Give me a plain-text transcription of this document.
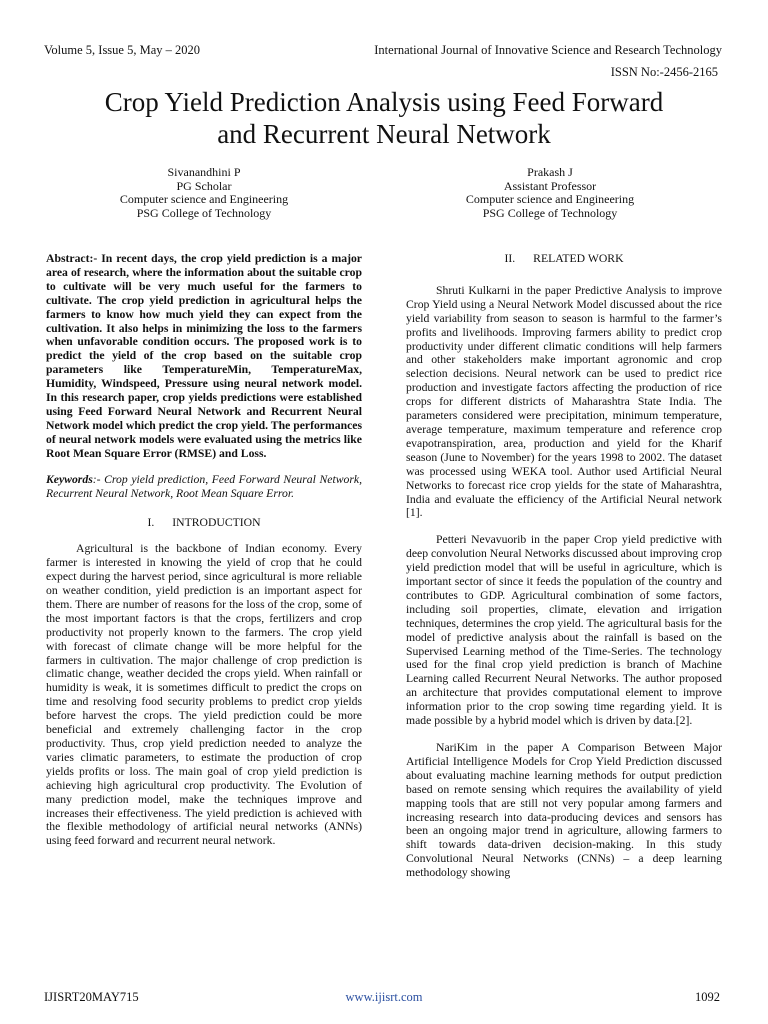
Volume 5, Issue 5, May – 2020	International Journal of Innovative Science and Research Technology
ISSN No:-2456-2165
Crop Yield Prediction Analysis using Feed Forward
and Recurrent Neural Network
Sivanandhini P
PG Scholar
Computer science and Engineering
PSG College of Technology
Prakash J
Assistant Professor
Computer science and Engineering
PSG College of Technology

Abstract:- In recent days, the crop yield prediction is a major area of research, where the information about the suitable crop to cultivate will be very much useful for the farmers to cultivate. The crop yield prediction in agricultural helps the farmers to know how much yield they can expect from the cultivation. It also helps in minimizing the loss to the farmers when unfavorable condition occurs. The proposed work is to predict the yield of the crop based on the suitable crop parameters like TemperatureMin, TemperatureMax, Humidity, Windspeed, Pressure using neural network model. In this research paper, crop yields predictions were established using Feed Forward Neural Network and Recurrent Neural Network model which predict the crop yield. The performances of neural network models were evaluated using the metrics like Root Mean Square Error (RMSE) and Loss.

Keywords:- Crop yield prediction, Feed Forward Neural Network, Recurrent Neural Network, Root Mean Square Error.

I. INTRODUCTION

Agricultural is the backbone of Indian economy. Every farmer is interested in knowing the yield of crop that he could expect during the harvest period, since agricultural is more reliable on weather condition, yield prediction is an important aspect for them. There are number of reasons for the loss of the crop, some of the most important factors is that the crops, fertilizers and crop productivity not properly known to the farmers. The crop yield with forecast of climate change will be more helpful for the farmers in cultivation. The major challenge of crop prediction is climatic change, weather decided the crops yield. When rainfall or humidity is weak, it is sometimes difficult to predict the crops on time and resolving food security problems to predict crop yields before harvest the crops. The yield prediction could be more beneficial and extremely challenging factor in the crop productivity. Thus, crop yield prediction needed to analyze the varies climatic parameters, to estimate the production of crop yields profits or loss. The main goal of crop yield prediction is achieving high agricultural crop productivity. The Evolution of many prediction model, make the techniques improve and increases their effectiveness. The yield prediction is achieved with the flexible methodology of artificial neural networks (ANNs) using feed forward and recurrent neural network.

II. RELATED WORK

Shruti Kulkarni in the paper Predictive Analysis to improve Crop Yield using a Neural Network Model discussed about the rice yield variability from season to season is harmful to the farmer’s profits and livelihoods. Improving farmers ability to predict crop productivity under different climatic conditions will help farmers and other stakeholders make important agronomic and crop selection decisions. Neural network can be used to predict rice production and investigate factors affecting the production of rice crops for different districts of Maharashtra State India. The parameters considered were precipitation, minimum temperature, average temperature, maximum temperature and reference crop evapotranspiration, area, production and yield for the Kharif season (June to November) for the years 1998 to 2002. The dataset was processed using WEKA tool. Author used Artificial Neural Networks to forecast rice crop yields for the state of Maharashtra, India and evaluate the efficiency of the Artificial Neural network [1].

Petteri Nevavuorib in the paper Crop yield predictive with deep convolution Neural Networks discussed about improving crop yield prediction model that will be useful in agriculture, which is important sector of since it feeds the population of the country and contributes to GDP. Agricultural combination of some factors, including soil properties, climate, elevation and irrigation techniques, determines the crop yield. The agricultural basis for the model of predictive analysis about the rainfall is based on the Supervised Learning method of the Time-Series. The technology used for the final crop yield prediction is branch of Machine Learning called Recurrent Neural Networks. The author proposed an architecture that provides computational element to improve information prior to the crop sowing time regarding yield. It is made possible by a hybrid model which is driven by data.[2].

NariKim in the paper A Comparison Between Major Artificial Intelligence Models for Crop Yield Prediction discussed about evaluating machine learning methods for output prediction based on remote sensing which requires the availability of yield mapping tools that are still not very popular among farmers and increasing research into data-producing devices and sensors has been an ongoing major trend in agriculture, allowing farmers to shift towards data-driven decision-making. In this study Convolutional Neural Networks (CNNs) – a deep learning methodology showing

IJISRT20MAY715	www.ijisrt.com	1092
